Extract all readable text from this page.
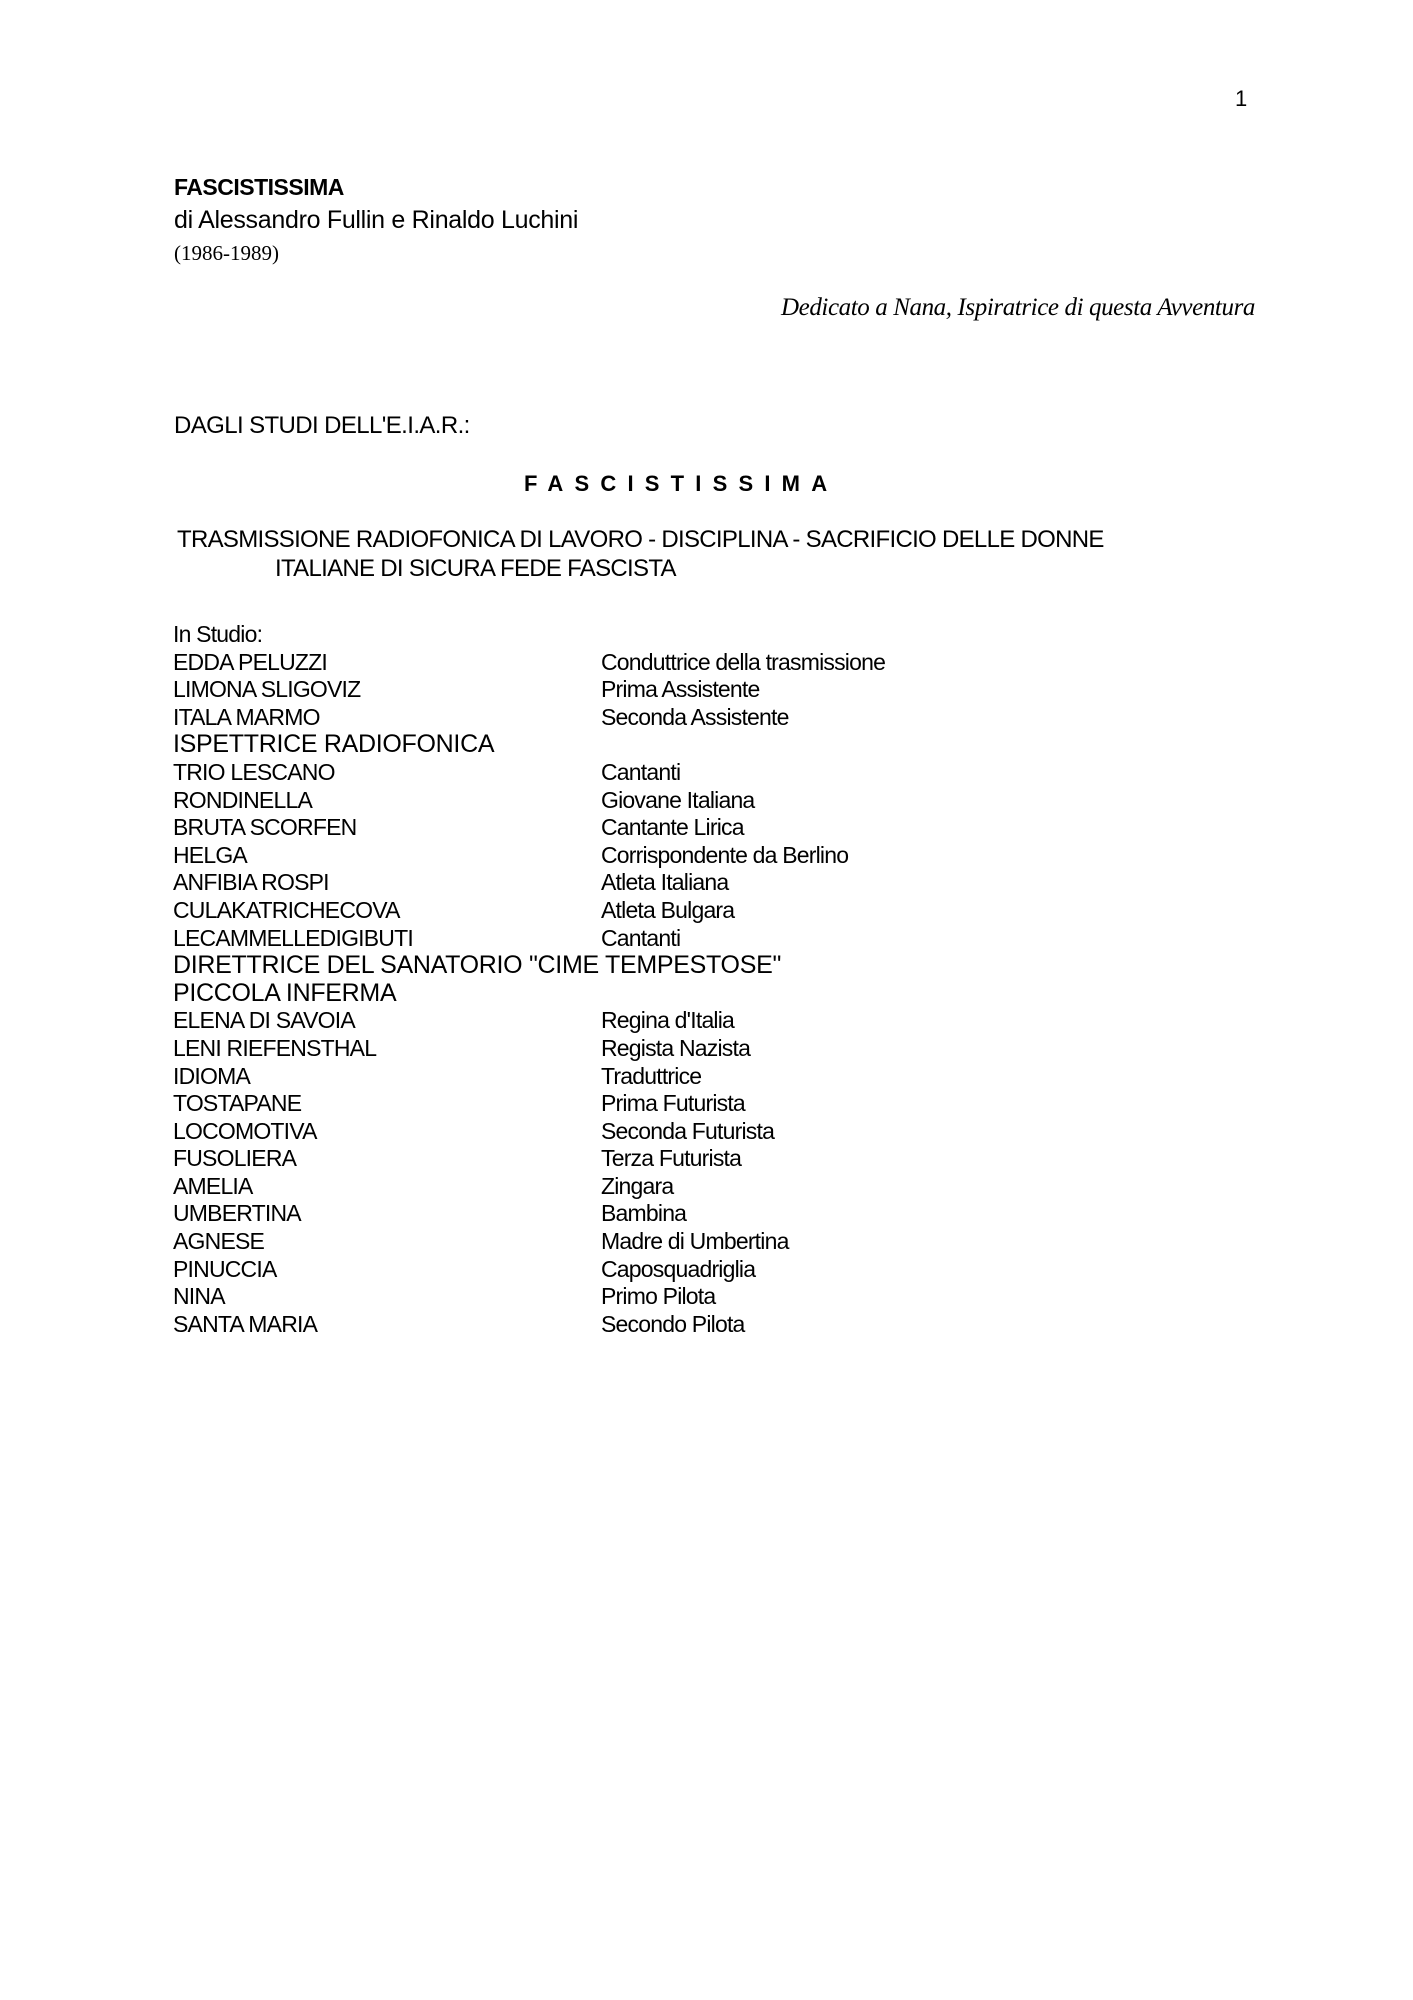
1
FASCISTISSIMA
di Alessandro Fullin e Rinaldo Luchini
(1986-1989)
Dedicato a Nana, Ispiratrice di questa Avventura
DAGLI STUDI DELL'E.I.A.R.:
FASCISTISSIMA
TRASMISSIONE RADIOFONICA DI LAVORO - DISCIPLINA - SACRIFICIO DELLE DONNE
ITALIANE DI SICURA FEDE FASCISTA
In Studio:
EDDA PELUZZI	Conduttrice della trasmissione
LIMONA SLIGOVIZ	Prima Assistente
ITALA MARMO	Seconda Assistente
ISPETTRICE RADIOFONICA
TRIO LESCANO	Cantanti
RONDINELLA	Giovane Italiana
BRUTA SCORFEN	Cantante Lirica
HELGA	Corrispondente da Berlino
ANFIBIA ROSPI	Atleta Italiana
CULAKATRICHECOVA	Atleta Bulgara
LECAMMELLEDIGIBUTI	Cantanti
DIRETTRICE DEL SANATORIO "CIME TEMPESTOSE"
PICCOLA INFERMA
ELENA DI SAVOIA	Regina d'Italia
LENI RIEFENSTHAL	Regista Nazista
IDIOMA	Traduttrice
TOSTAPANE	Prima Futurista
LOCOMOTIVA	Seconda Futurista
FUSOLIERA	Terza Futurista
AMELIA	Zingara
UMBERTINA	Bambina
AGNESE	Madre di Umbertina
PINUCCIA	Caposquadriglia
NINA	Primo Pilota
SANTA MARIA	Secondo Pilota
